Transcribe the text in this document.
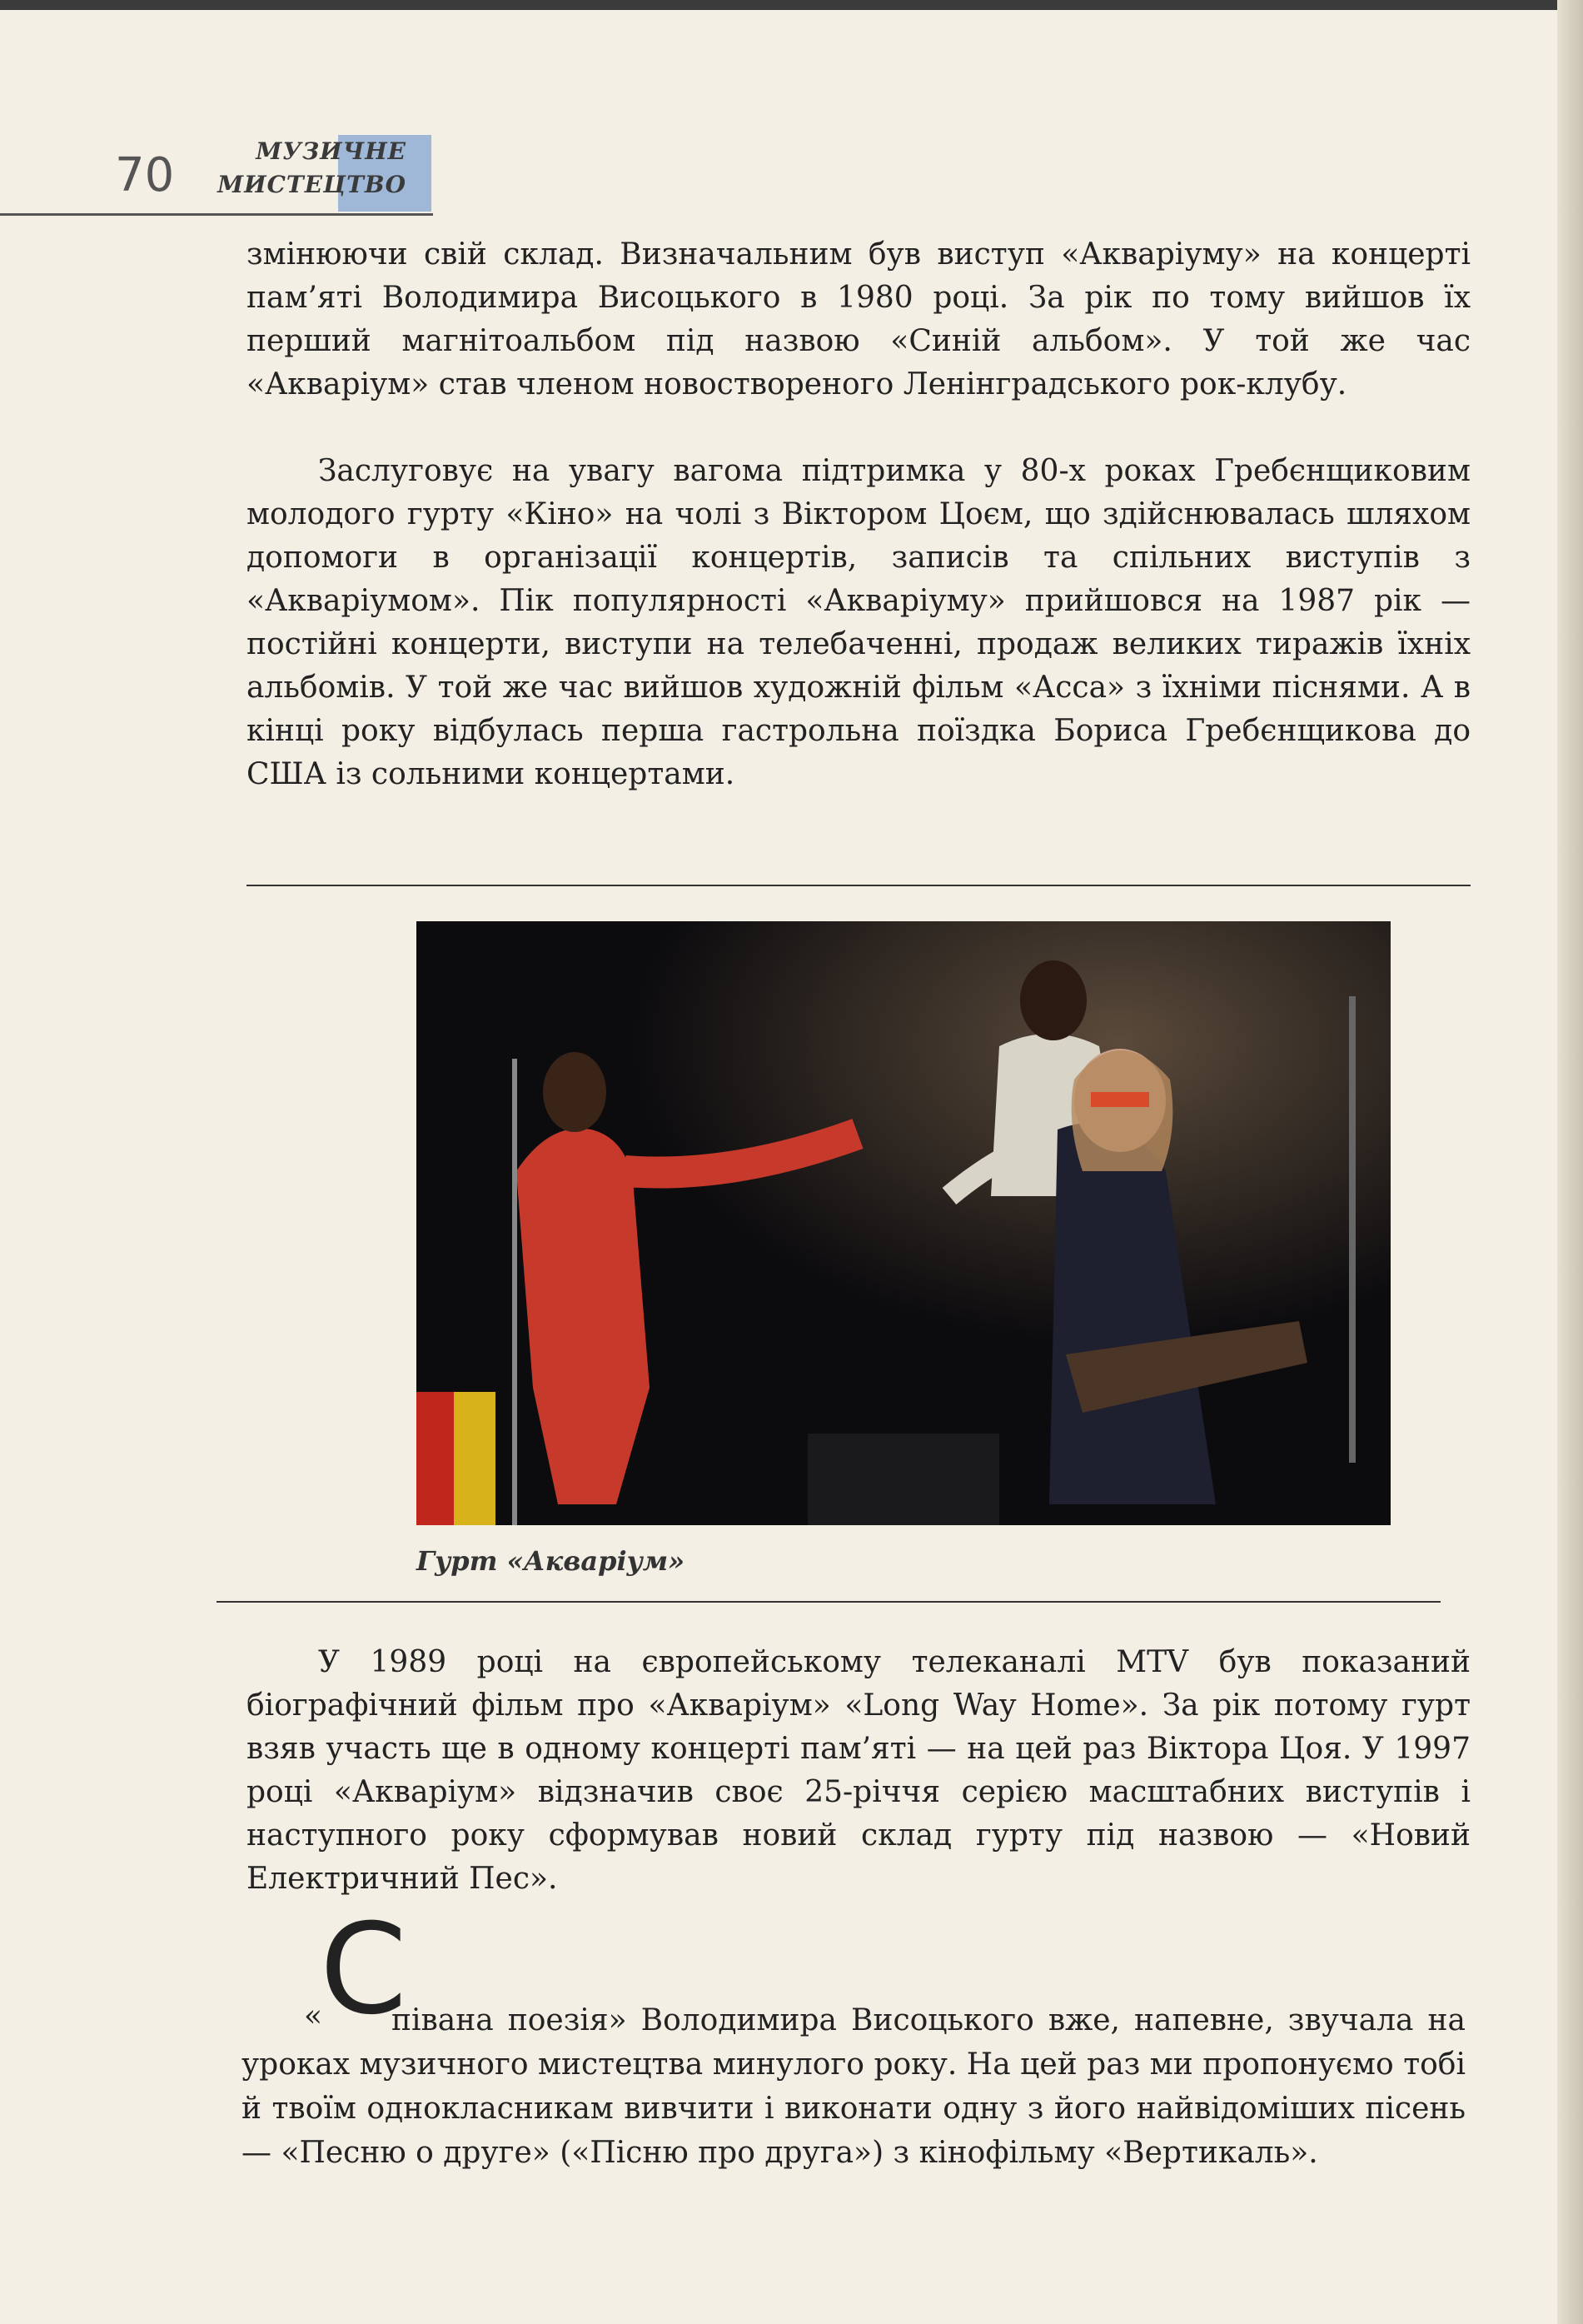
70	МУЗИЧНЕ
МИСТЕЦТВО

змінюючи свій склад. Визначальним був виступ «Акваріуму» на концерті пам’яті Володимира Висоцького в 1980 році. За рік по тому вийшов їх перший магнітоальбом під назвою «Синій альбом». У той же час «Акваріум» став членом новоствореного Ленінградського рок-клубу.

Заслуговує на увагу вагома підтримка у 80-х роках Гребєнщиковим молодого гурту «Кіно» на чолі з Віктором Цоєм, що здійснювалась шляхом допомоги в організації концертів, записів та спільних виступів з «Акваріумом». Пік популярності «Акваріуму» прийшовся на 1987 рік — постійні концерти, виступи на телебаченні, продаж великих тиражів їхніх альбомів. У той же час вийшов художній фільм «Асса» з їхніми піснями. А в кінці року відбулась перша гастрольна поїздка Бориса Гребєнщикова до США із сольними концертами.

Гурт «Акваріум»

У 1989 році на європейському телеканалі MTV був показаний біографічний фільм про «Акваріум» «Long Way Home». За рік потому гурт взяв участь ще в одному концерті пам’яті — на цей раз Віктора Цоя. У 1997 році «Акваріум» відзначив своє 25-річчя серією масштабних виступів і наступного року сформував новий склад гурту під назвою — «Новий Електричний Пес».

«
С

півана поезія» Володимира Висоцького вже, напевне, звучала на уроках музичного мистецтва минулого року. На цей раз ми пропонуємо тобі й твоїм однокласникам вивчити і виконати одну з його найвідоміших пісень — «Песню о друге» («Пісню про друга») з кінофільму «Вертикаль».
